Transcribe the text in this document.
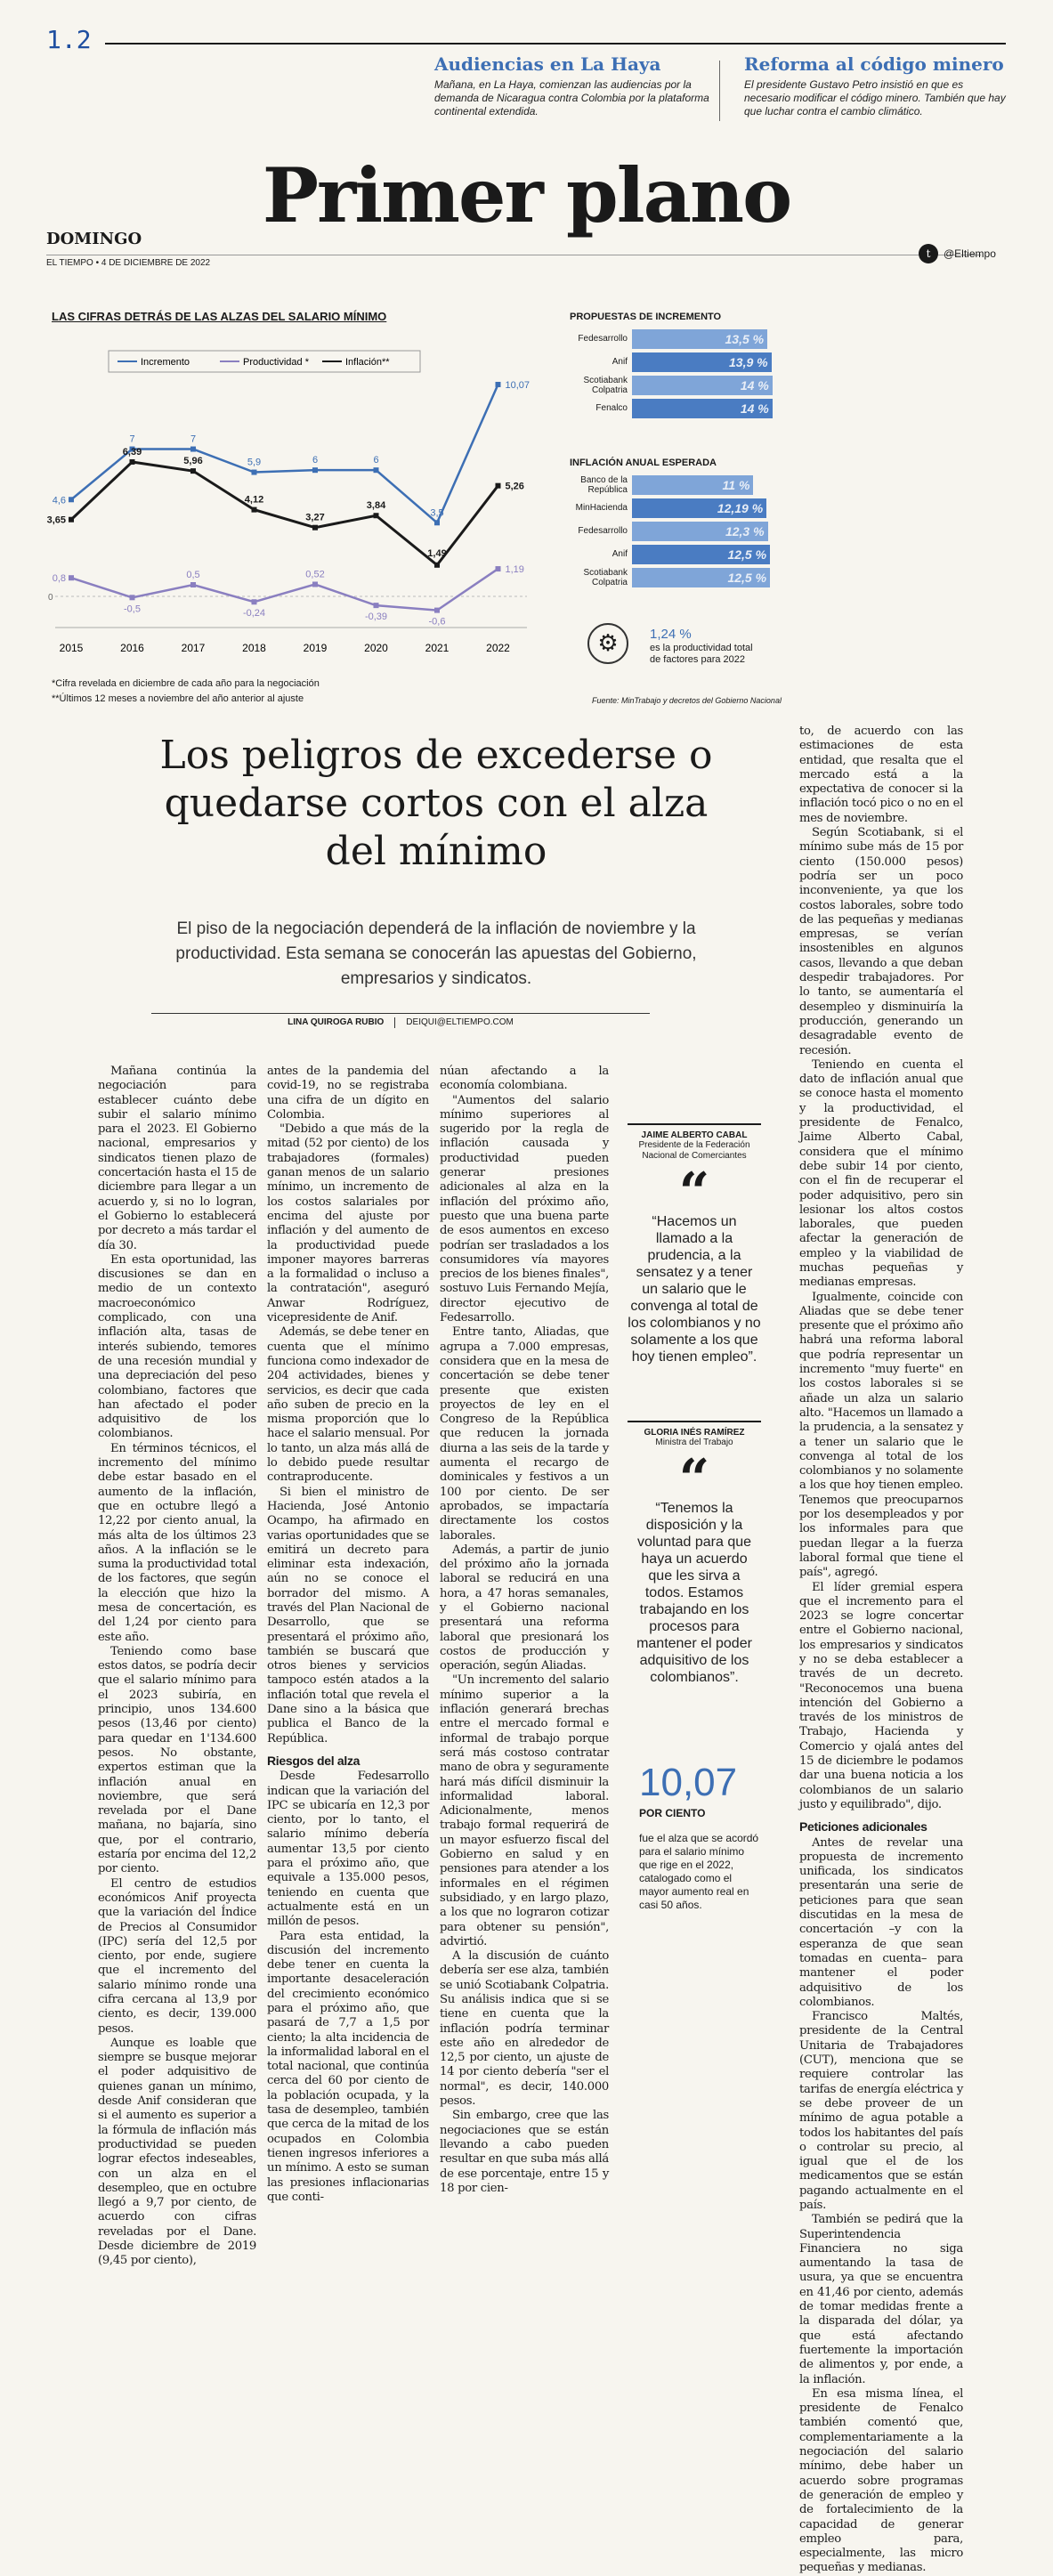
1.2
Audiencias en La Haya

Mañana, en La Haya, comienzan las audiencias por la demanda de Nicaragua contra Colombia por la plataforma continental extendida.

Reforma al código minero

El presidente Gustavo Petro insistió en que es necesario modificar el código minero. También que hay que luchar contra el cambio climático.

Primer plano
DOMINGO
EL TIEMPO • 4 DE DICIEMBRE DE 2022
t	@Eltiempo
LAS CIFRAS DETRÁS DE LAS ALZAS DEL SALARIO MÍNIMO
0
2015	2016	2017	2018	2019	2020	2021	2022
4,6
7	7
5,9	6	6
3,5
10,07
Incremento
0,8
-0,5
0,5
-0,24
0,52
-0,39	-0,6
1,19
Productividad *
3,65
6,39
5,96
4,12
3,27
3,84
1,49
5,26
Inflación**
*Cifra revelada en diciembre de cada año para la negociación
**Últimos 12 meses a noviembre del año anterior al ajuste
PROPUESTAS DE INCREMENTO
Fedesarrollo	13,5 %
Anif	13,9 %
Scotiabank Colpatria	14 %
Fenalco	14 %
INFLACIÓN ANUAL ESPERADA
Banco de la República	11 %
MinHacienda	12,19 %
Fedesarrollo	12,3 %
Anif	12,5 %
Scotiabank Colpatria	12,5 %
⚙	1,24 %
es la productividad total de factores para 2022
Fuente: MinTrabajo y decretos del Gobierno Nacional
Los peligros de excederse o quedarse cortos con el alza del mínimo
El piso de la negociación dependerá de la inflación de noviembre y la productividad. Esta semana se conocerán las apuestas del Gobierno, empresarios y sindicatos.
LINA QUIROGA RUBIO	DEIQUI@ELTIEMPO.COM

Mañana continúa la negociación para establecer cuánto debe subir el salario mínimo para el 2023. El Gobierno nacional, empresarios y sindicatos tienen plazo de concertación hasta el 15 de diciembre para llegar a un acuerdo y, si no lo logran, el Gobierno lo establecerá por decreto a más tardar el día 30.

En esta oportunidad, las discusiones se dan en medio de un contexto macroeconómico complicado, con una inflación alta, tasas de interés subiendo, temores de una recesión mundial y una depreciación del peso colombiano, factores que han afectado el poder adquisitivo de los colombianos.

En términos técnicos, el incremento del mínimo debe estar basado en el aumento de la inflación, que en octubre llegó a 12,22 por ciento anual, la más alta de los últimos 23 años. A la inflación se le suma la productividad total de los factores, que según la elección que hizo la mesa de concertación, es del 1,24 por ciento para este año.

Teniendo como base estos datos, se podría decir que el salario mínimo para el 2023 subiría, en principio, unos 134.600 pesos (13,46 por ciento) para quedar en 1'134.600 pesos. No obstante, expertos estiman que la inflación anual en noviembre, que será revelada por el Dane mañana, no bajaría, sino que, por el contrario, estaría por encima del 12,2 por ciento.

El centro de estudios económicos Anif proyecta que la variación del Índice de Precios al Consumidor (IPC) sería del 12,5 por ciento, por ende, sugiere que el incremento del salario mínimo ronde una cifra cercana al 13,9 por ciento, es decir, 139.000 pesos.

Aunque es loable que siempre se busque mejorar el poder adquisitivo de quienes ganan un mínimo, desde Anif consideran que si el aumento es superior a la fórmula de inflación más productividad se pueden lograr efectos indeseables, con un alza en el desempleo, que en octubre llegó a 9,7 por ciento, de acuerdo con cifras reveladas por el Dane. Desde diciembre de 2019 (9,45 por ciento),

antes de la pandemia del covid-19, no se registraba una cifra de un dígito en Colombia.

"Debido a que más de la mitad (52 por ciento) de los trabajadores (formales) ganan menos de un salario mínimo, un incremento de los costos salariales por encima del ajuste por inflación y del aumento de la productividad puede imponer mayores barreras a la formalidad o incluso a la contratación", aseguró Anwar Rodríguez, vicepresidente de Anif.

Además, se debe tener en cuenta que el mínimo funciona como indexador de 204 actividades, bienes y servicios, es decir que cada año suben de precio en la misma proporción que lo hace el salario mensual. Por lo tanto, un alza más allá de lo debido puede resultar contraproducente.

Si bien el ministro de Hacienda, José Antonio Ocampo, ha afirmado en varias oportunidades que se emitirá un decreto para eliminar esta indexación, aún no se conoce el borrador del mismo. A través del Plan Nacional de Desarrollo, que se presentará el próximo año, también se buscará que otros bienes y servicios tampoco estén atados a la inflación total que revela el Dane sino a la básica que publica el Banco de la República.

Riesgos del alza

Desde Fedesarrollo indican que la variación del IPC se ubicaría en 12,3 por ciento, por lo tanto, el salario mínimo debería aumentar 13,5 por ciento para el próximo año, que equivale a 135.000 pesos, teniendo en cuenta que actualmente está en un millón de pesos.

Para esta entidad, la discusión del incremento debe tener en cuenta la importante desaceleración del crecimiento económico para el próximo año, que pasará de 7,7 a 1,5 por ciento; la alta incidencia de la informalidad laboral en el total nacional, que continúa cerca del 60 por ciento de la población ocupada, y la tasa de desempleo, también que cerca de la mitad de los ocupados en Colombia tienen ingresos inferiores a un mínimo. A esto se suman las presiones inflacionarias que conti-

núan afectando a la economía colombiana.

"Aumentos del salario mínimo superiores al sugerido por la regla de inflación causada y productividad pueden generar presiones adicionales al alza en la inflación del próximo año, puesto que una buena parte de esos aumentos en exceso podrían ser trasladados a los consumidores vía mayores precios de los bienes finales", sostuvo Luis Fernando Mejía, director ejecutivo de Fedesarrollo.

Entre tanto, Aliadas, que agrupa a 7.000 empresas, considera que en la mesa de concertación se debe tener presente que existen proyectos de ley en el Congreso de la República que reducen la jornada diurna a las seis de la tarde y aumenta el recargo de dominicales y festivos a un 100 por ciento. De ser aprobados, se impactaría directamente los costos laborales.

Además, a partir de junio del próximo año la jornada laboral se reducirá en una hora, a 47 horas semanales, y el Gobierno nacional presentará una reforma laboral que presionará los costos de producción y operación, según Aliadas.

"Un incremento del salario mínimo superior a la inflación generará brechas entre el mercado formal e informal de trabajo porque será más costoso contratar mano de obra y seguramente hará más difícil disminuir la informalidad laboral. Adicionalmente, menos trabajo formal requerirá de un mayor esfuerzo fiscal del Gobierno en salud y en pensiones para atender a los informales en el régimen subsidiado, y en largo plazo, a los que no lograron cotizar para obtener su pensión", advirtió.

A la discusión de cuánto debería ser ese alza, también se unió Scotiabank Colpatria. Su análisis indica que si se tiene en cuenta que la inflación podría terminar este año en alrededor de 12,5 por ciento, un ajuste de 14 por ciento debería "ser el normal", es decir, 140.000 pesos.

Sin embargo, cree que las negociaciones que se están llevando a cabo pueden resultar en que suba más allá de ese porcentaje, entre 15 y 18 por cien-

to, de acuerdo con las estimaciones de esta entidad, que resalta que el mercado está a la expectativa de conocer si la inflación tocó pico o no en el mes de noviembre.

Según Scotiabank, si el mínimo sube más de 15 por ciento (150.000 pesos) podría ser un poco inconveniente, ya que los costos laborales, sobre todo de las pequeñas y medianas empresas, se verían insostenibles en algunos casos, llevando a que deban despedir trabajadores. Por lo tanto, se aumentaría el desempleo y disminuiría la producción, generando un desagradable evento de recesión.

Teniendo en cuenta el dato de inflación anual que se conoce hasta el momento y la productividad, el presidente de Fenalco, Jaime Alberto Cabal, considera que el mínimo debe subir 14 por ciento, con el fin de recuperar el poder adquisitivo, pero sin lesionar los altos costos laborales, que pueden afectar la generación de empleo y la viabilidad de muchas pequeñas y medianas empresas.

Igualmente, coincide con Aliadas que se debe tener presente que el próximo año habrá una reforma laboral que podría representar un incremento "muy fuerte" en los costos laborales si se añade un alza un salario alto. "Hacemos un llamado a la prudencia, a la sensatez y a tener un salario que le convenga al total de los colombianos y no solamente a los que hoy tienen empleo. Tenemos que preocuparnos por los desempleados y por los informales para que puedan llegar a la fuerza laboral formal que tiene el país", agregó.

El líder gremial espera que el incremento para el 2023 se logre concertar entre el Gobierno nacional, los empresarios y sindicatos y no se deba establecer a través de un decreto. "Reconocemos una buena intención del Gobierno a través de los ministros de Trabajo, Hacienda y Comercio y ojalá antes del 15 de diciembre le podamos dar una buena noticia a los colombianos de un salario justo y equilibrado", dijo.

Peticiones adicionales

Antes de revelar una propuesta de incremento unificada, los sindicatos presentarán una serie de peticiones para que sean discutidas en la mesa de concertación –y con la esperanza de que sean tomadas en cuenta– para mantener el poder adquisitivo de los colombianos.

Francisco Maltés, presidente de la Central Unitaria de Trabajadores (CUT), menciona que se requiere controlar las tarifas de energía eléctrica y se debe proveer de un mínimo de agua potable a todos los habitantes del país o controlar su precio, al igual que el de los medicamentos que se están pagando actualmente en el país.

También se pedirá que la Superintendencia Financiera no siga aumentando la tasa de usura, ya que se encuentra en 41,46 por ciento, además de tomar medidas frente a la disparada del dólar, ya que está afectando fuertemente la importación de alimentos y, por ende, a la inflación.

En esa misma línea, el presidente de Fenalco también comentó que, complementariamente a la negociación del salario mínimo, debe haber un acuerdo sobre programas de generación de empleo y de fortalecimiento de la capacidad de generar empleo para, especialmente, las micro pequeñas y medianas.

JAIME ALBERTO CABAL
Presidente de la Federación Nacional de Comerciantes
“
“Hacemos un llamado a la prudencia, a la sensatez y a tener un salario que le convenga al total de los colombianos y no solamente a los que hoy tienen empleo”.
GLORIA INÉS RAMÍREZ
Ministra del Trabajo
“
“Tenemos la disposición y la voluntad para que haya un acuerdo que les sirva a todos. Estamos trabajando en los procesos para mantener el poder adquisitivo de los colombianos”.
10,07
POR CIENTO
fue el alza que se acordó para el salario mínimo que rige en el 2022, catalogado como el mayor aumento real en casi 50 años.
